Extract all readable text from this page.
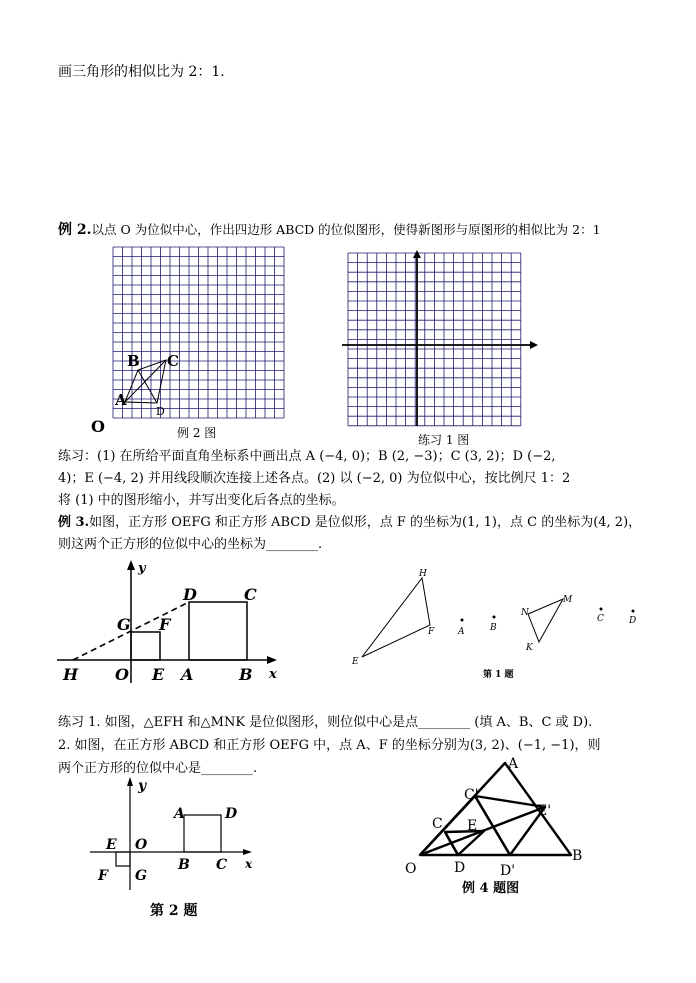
画三角形的相似比为 2：1.
例 2.以点 O 为位似中心，作出四边形 ABCD 的位似图形，使得新图形与原图形的相似比为 2：1
B C
A
D
O	例 2 图	练习 1 图
练习：(1) 在所给平面直角坐标系中画出点 A (−4, 0)；B (2, −3)；C (3, 2)；D (−2,
4)；E (−4, 2) 并用线段顺次连接上述各点。(2) 以 (−2, 0) 为位似中心，按比例尺 1：2
将 (1) 中的图形缩小，并写出变化后各点的坐标。
例 3.如图，正方形 OEFG 和正方形 ABCD 是位似形，点 F 的坐标为(1, 1)，点 C 的坐标为(4, 2)，
则这两个正方形的位似中心的坐标为________.
H O E A	B x
y
G F
D	C
H
F
E
A	B
N
M
K
C	D
第 1 题
练习 1. 如图，△EFH 和△MNK 是位似图形，则位似中心是点________ (填 A、B、C 或 D).
2. 如图，在正方形 ABCD 和正方形 OEFG 中，点 A、F 的坐标分别为(3, 2)、(−1, −1)，则
两个正方形的位似中心是________.
y
A	D
E O
B C x
F G
第 2 题
A
C'
E'
C E
O	D D'
B
例 4 题图
